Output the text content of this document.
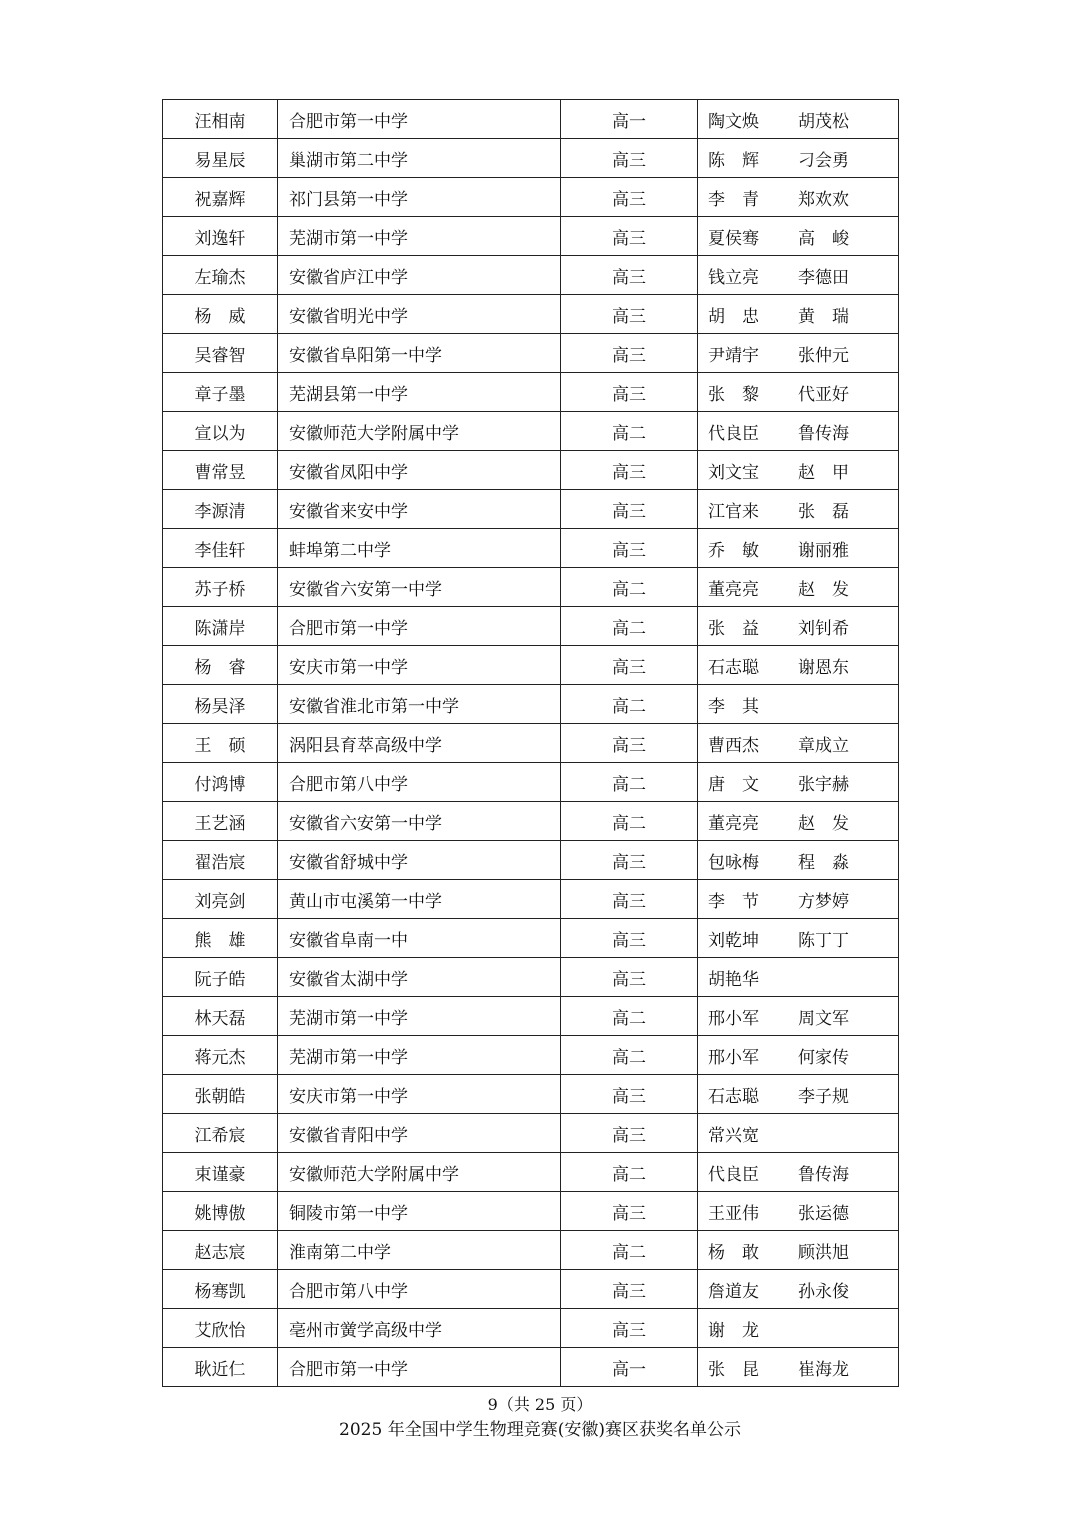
汪相南	合肥市第一中学	高一	陶文焕 胡茂松
易星辰	巢湖市第二中学	高三	陈　辉 刁会勇
祝嘉辉	祁门县第一中学	高三	李　青 郑欢欢
刘逸轩	芜湖市第一中学	高三	夏侯骞 高　峻
左瑜杰	安徽省庐江中学	高三	钱立亮 李德田
杨　威	安徽省明光中学	高三	胡　忠 黄　瑞
吴睿智	安徽省阜阳第一中学	高三	尹靖宇 张仲元
章子墨	芜湖县第一中学	高三	张　黎 代亚好
宣以为	安徽师范大学附属中学	高二	代良臣 鲁传海
曹常昱	安徽省凤阳中学	高三	刘文宝 赵　甲
李源清	安徽省来安中学	高三	江官来 张　磊
李佳轩	蚌埠第二中学	高三	乔　敏 谢丽雅
苏子桥	安徽省六安第一中学	高二	董亮亮 赵　发
陈潇岸	合肥市第一中学	高二	张　益 刘钊希
杨　睿	安庆市第一中学	高三	石志聪 谢恩东
杨昊泽	安徽省淮北市第一中学	高二	李　其
王　硕	涡阳县育萃高级中学	高三	曹西杰 章成立
付鸿博	合肥市第八中学	高二	唐　文 张宇赫
王艺涵	安徽省六安第一中学	高二	董亮亮 赵　发
翟浩宸	安徽省舒城中学	高三	包咏梅 程　淼
刘亮剑	黄山市屯溪第一中学	高三	李　节 方梦婷
熊　雄	安徽省阜南一中	高三	刘乾坤 陈丁丁
阮子皓	安徽省太湖中学	高三	胡艳华
林天磊	芜湖市第一中学	高二	邢小军 周文军
蒋元杰	芜湖市第一中学	高二	邢小军 何家传
张朝皓	安庆市第一中学	高三	石志聪 李子规
江希宸	安徽省青阳中学	高三	常兴宽
束谨豪	安徽师范大学附属中学	高二	代良臣 鲁传海
姚博傲	铜陵市第一中学	高三	王亚伟 张运德
赵志宸	淮南第二中学	高二	杨　敢 顾洪旭
杨骞凯	合肥市第八中学	高三	詹道友 孙永俊
艾欣怡	亳州市黉学高级中学	高三	谢　龙
耿近仁	合肥市第一中学	高一	张　昆 崔海龙
9（共 25 页）
2025 年全国中学生物理竞赛(安徽)赛区获奖名单公示
